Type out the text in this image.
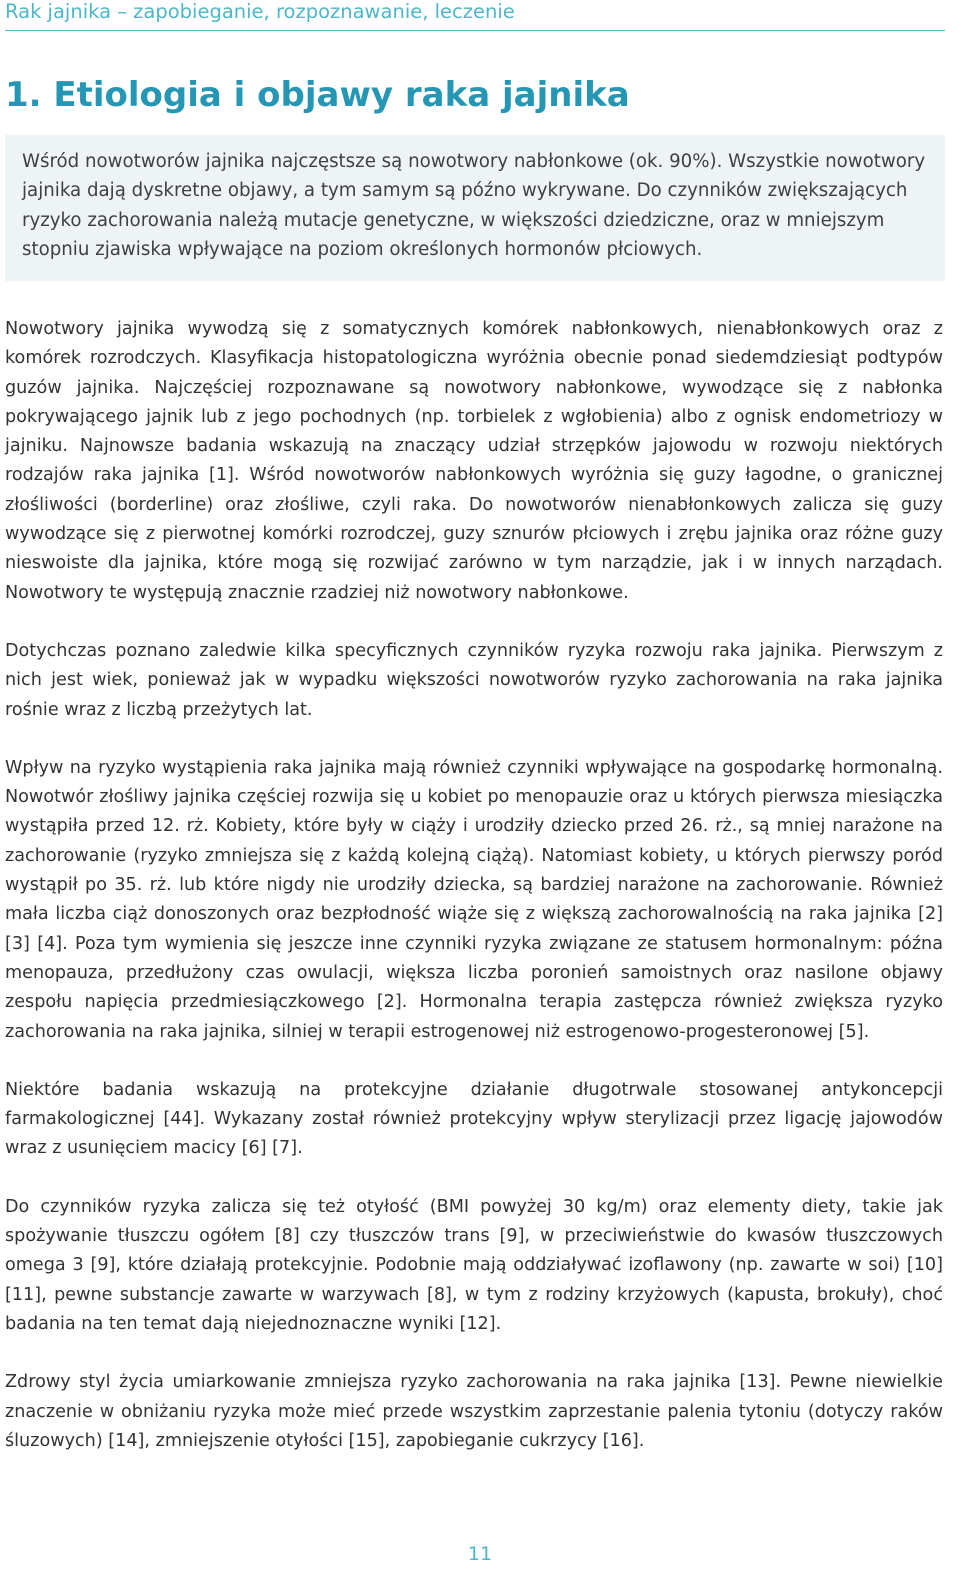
Rak jajnika – zapobieganie, rozpoznawanie, leczenie
1. Etiologia i objawy raka jajnika

Wśród nowotworów jajnika najczęstsze są nowotwory nabłonkowe (ok. 90%). Wszystkie nowotwory jajnika dają dyskretne objawy, a tym samym są późno wykrywane. Do czynników zwiększających ryzyko zachorowania należą mutacje genetyczne, w większości dziedziczne, oraz w mniejszym stopniu zjawiska wpływające na poziom określonych hormonów płciowych.

Nowotwory jajnika wywodzą się z somatycznych komórek nabłonkowych, nienabłonkowych oraz z komórek rozrodczych. Klasyfikacja histopatologiczna wyróżnia obecnie ponad siedemdziesiąt podtypów guzów jajnika. Najczęściej rozpoznawane są nowotwory nabłonkowe, wywodzące się z nabłonka pokrywającego jajnik lub z jego pochodnych (np. torbielek z wgłobienia) albo z ognisk endometriozy w jajniku. Najnowsze badania wskazują na znaczący udział strzępków jajowodu w rozwoju niektórych rodzajów raka jajnika [1]. Wśród nowotworów nabłonkowych wyróżnia się guzy łagodne, o granicznej złośliwości (borderline) oraz złośliwe, czyli raka. Do nowotworów nienabłonkowych zalicza się guzy wywodzące się z pierwotnej komórki rozrodczej, guzy sznurów płciowych i zrębu jajnika oraz różne guzy nieswoiste dla jajnika, które mogą się rozwijać zarówno w tym narządzie, jak i w innych narządach. Nowotwory te występują znacznie rzadziej niż nowotwory nabłonkowe.

Dotychczas poznano zaledwie kilka specyficznych czynników ryzyka rozwoju raka jajnika. Pierwszym z nich jest wiek, ponieważ jak w wypadku większości nowotworów ryzyko zachorowania na raka jajnika rośnie wraz z liczbą przeżytych lat.

Wpływ na ryzyko wystąpienia raka jajnika mają również czynniki wpływające na gospodarkę hormonalną. Nowotwór złośliwy jajnika częściej rozwija się u kobiet po menopauzie oraz u których pierwsza miesiączka wystąpiła przed 12. rż. Kobiety, które były w ciąży i urodziły dziecko przed 26. rż., są mniej narażone na zachorowanie (ryzyko zmniejsza się z każdą kolejną ciążą). Natomiast kobiety, u których pierwszy poród wystąpił po 35. rż. lub które nigdy nie urodziły dziecka, są bardziej narażone na zachorowanie. Również mała liczba ciąż donoszonych oraz bezpłodność wiąże się z większą zachorowalnością na raka jajnika [2] [3] [4]. Poza tym wymienia się jeszcze inne czynniki ryzyka związane ze statusem hormonalnym: późna menopauza, przedłużony czas owulacji, większa liczba poronień samoistnych oraz nasilone objawy zespołu napięcia przedmiesiączkowego [2]. Hormonalna terapia zastępcza również zwiększa ryzyko zachorowania na raka jajnika, silniej w terapii estrogenowej niż estrogenowo-progesteronowej [5].

Niektóre badania wskazują na protekcyjne działanie długotrwale stosowanej antykoncepcji farmakologicznej [44]. Wykazany został również protekcyjny wpływ sterylizacji przez ligację jajowodów wraz z usunięciem macicy [6] [7].

Do czynników ryzyka zalicza się też otyłość (BMI powyżej 30 kg/m) oraz elementy diety, takie jak spożywanie tłuszczu ogółem [8] czy tłuszczów trans [9], w przeciwieństwie do kwasów tłuszczowych omega 3 [9], które działają protekcyjnie. Podobnie mają oddziaływać izoflawony (np. zawarte w soi) [10] [11], pewne substancje zawarte w warzywach [8], w tym z rodziny krzyżowych (kapusta, brokuły), choć badania na ten temat dają niejednoznaczne wyniki [12].

Zdrowy styl życia umiarkowanie zmniejsza ryzyko zachorowania na raka jajnika [13]. Pewne niewielkie znaczenie w obniżaniu ryzyka może mieć przede wszystkim zaprzestanie palenia tytoniu (dotyczy raków śluzowych) [14], zmniejszenie otyłości [15], zapobieganie cukrzycy [16].

11
